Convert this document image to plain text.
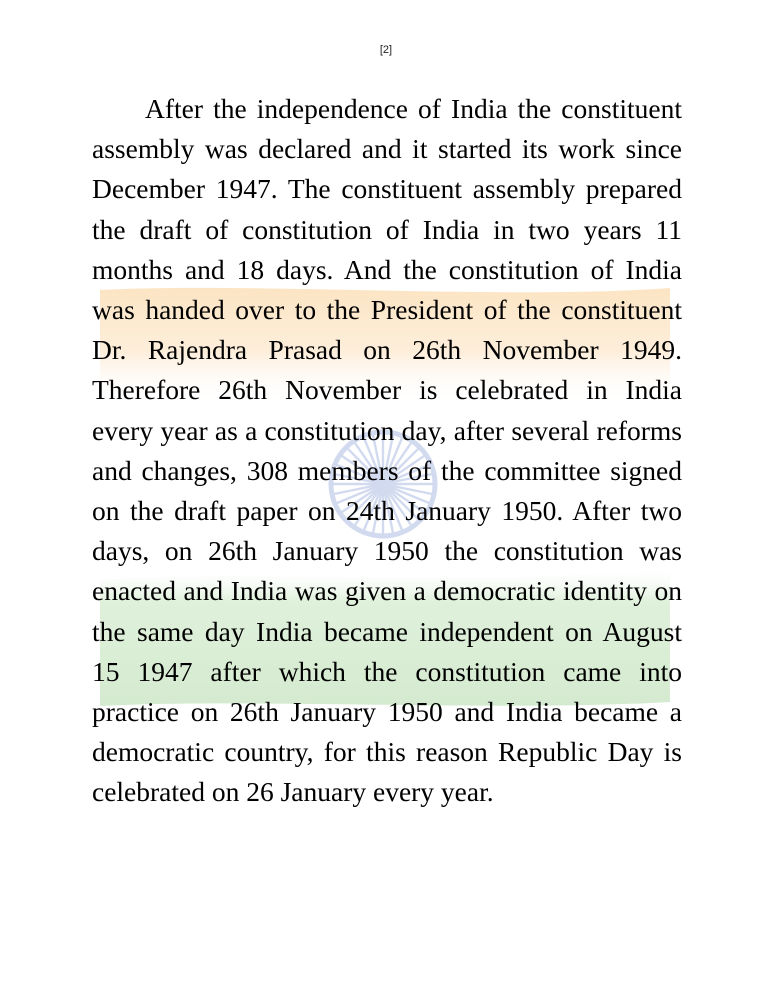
[2]

After the independence of India the constituent assembly was declared and it started its work since December 1947. The constituent assembly prepared the draft of constitution of India in two years 11 months and 18 days. And the constitution of India was handed over to the President of the constituent Dr. Rajendra Prasad on 26th November 1949. Therefore 26th November is celebrated in India every year as a constitution day, after several reforms and changes, 308 members of the committee signed on the draft paper on 24th January 1950. After two days, on 26th January 1950 the constitution was enacted and India was given a democratic identity on the same day India became independent on August 15 1947 after which the constitution came into practice on 26th January 1950 and India became a democratic country, for this reason Republic Day is celebrated on 26 January every year.
